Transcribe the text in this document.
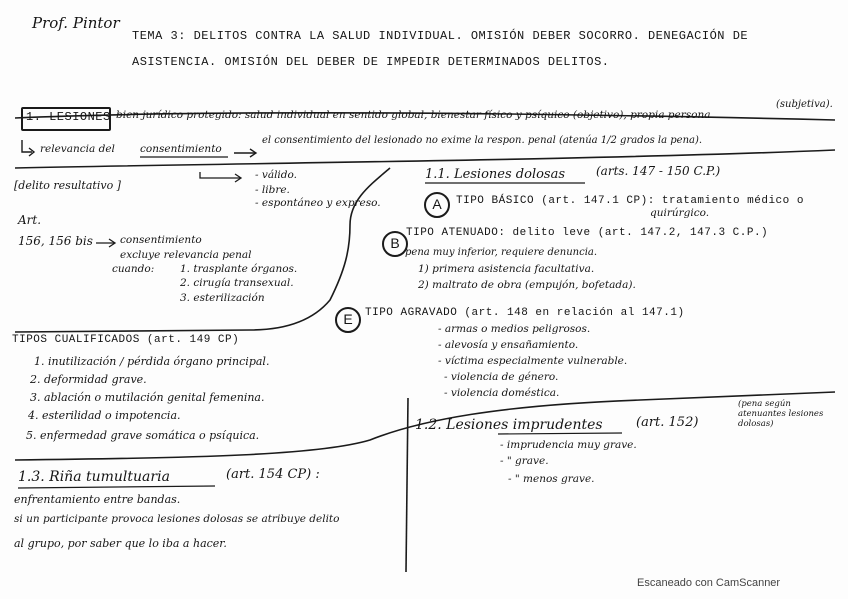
Prof. Pintor
TEMA 3: DELITOS CONTRA LA SALUD INDIVIDUAL. OMISIÓN DEBER SOCORRO. DENEGACIÓN DE
ASISTENCIA. OMISIÓN DEL DEBER DE IMPEDIR DETERMINADOS DELITOS.
1. LESIONES bien jurídico protegido: salud individual en sentido global, bienestar físico y psíquico (objetivo), propia persona
(subjetiva).
relevancia del consentimiento
el consentimiento del lesionado no exime la respon. penal (atenúa 1/2 grados la pena).
- válido.
- libre.
- espontáneo y expreso.
[delito resultativo ]
Art.
156, 156 bis	consentimiento
excluye relevancia penal
cuando: 1. trasplante órganos.
2. cirugía transexual.
3. esterilización
1.1. Lesiones dolosas	(arts. 147 - 150 C.P.)
A	TIPO BÁSICO (art. 147.1 CP): tratamiento médico o
quirúrgico.
B
TIPO ATENUADO: delito leve (art. 147.2, 147.3 C.P.)
pena muy inferior, requiere denuncia.
1) primera asistencia facultativa.
2) maltrato de obra (empujón, bofetada).
E	TIPO AGRAVADO (art. 148 en relación al 147.1)
- armas o medios peligrosos.
- alevosía y ensañamiento.
- víctima especialmente vulnerable.
- violencia de género.
- violencia doméstica.
TIPOS CUALIFICADOS (art. 149 CP)
1. inutilización / pérdida órgano principal.
2. deformidad grave.
3. ablación o mutilación genital femenina.
4. esterilidad o impotencia.
5. enfermedad grave somática o psíquica.
1.3. Riña tumultuaria	(art. 154 CP) :
enfrentamiento entre bandas.
si un participante provoca lesiones dolosas se atribuye delito
al grupo, por saber que lo iba a hacer.
1.2. Lesiones imprudentes	(art. 152)
(pena según atenuantes lesiones dolosas)
- imprudencia muy grave.
- " grave.
- " menos grave.
Escaneado con CamScanner
